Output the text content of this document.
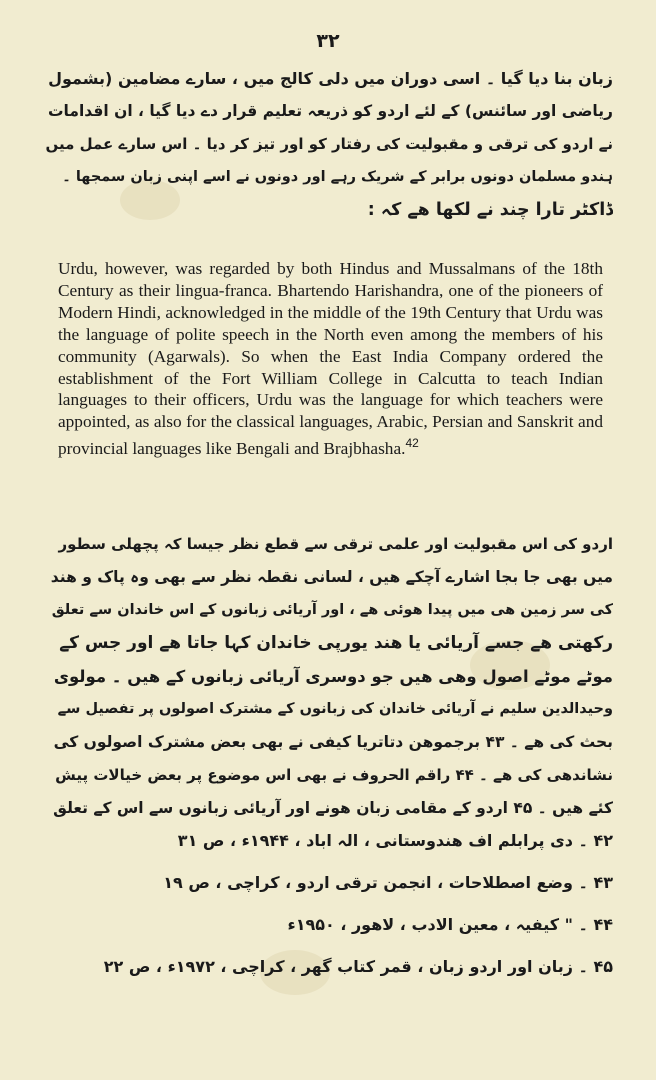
۳۲
زبان بنا دیا گیا ۔ اسی دوران میں دلی کالج میں ، سارے مضامین (بشمول
ریاضی اور سائنس) کے لئے اردو کو ذریعہ تعلیم قرار دے دیا گیا ، ان اقدامات
نے اردو کی ترقی و مقبولیت کی رفتار کو اور تیز کر دیا ۔ اس سارے عمل میں
ہندو مسلمان دونوں برابر کے شریک رہے اور دونوں نے اسے اپنی زبان سمجھا ۔
ڈاکٹر تارا چند نے لکھا ھے کہ :
Urdu, however, was regarded by both Hindus and Mussalmans of the 18th Century as their lingua-franca. Bhartendo Harishandra, one of the pioneers of Modern Hindi, acknowledged in the middle of the 19th Century that Urdu was the language of polite speech in the North even among the members of his community (Agarwals). So when the East India Company ordered the establishment of the Fort William College in Calcutta to teach Indian languages to their officers, Urdu was the language for which teachers were appointed, as also for the classical languages, Arabic, Persian and Sanskrit and provincial languages like Bengali and Brajbhasha.$^{42}$
اردو کی اس مقبولیت اور علمی ترقی سے قطع نظر جیسا کہ پچھلی سطور
میں بھی جا بجا اشارے آچکے ھیں ، لسانی نقطہ نظر سے بھی وہ پاک و ھند
کی سر زمین ھی میں پیدا ھوئی ھے ، اور آریائی زبانوں کے اس خاندان سے تعلق
رکھتی ھے جسے آریائی یا ھند یورپی خاندان کہا جاتا ھے اور جس کے
موٹے موٹے اصول وھی ھیں جو دوسری آریائی زبانوں کے ھیں ۔ مولوی
وحیدالدین سلیم نے آریائی خاندان کی زبانوں کے مشترک اصولوں پر تفصیل سے
بحث کی ھے ۔ ۴۳ برجموھن دتاتریا کیفی نے بھی بعض مشترک اصولوں کی
نشاندھی کی ھے ۔ ۴۴ راقم الحروف نے بھی اس موضوع پر بعض خیالات پیش
کئے ھیں ۔ ۴۵ اردو کے مقامی زبان ھونے اور آریائی زبانوں سے اس کے تعلق
۴۲ ۔ دی پرابلم اف ھندوستانی ، الہ اباد ، ۱۹۴۴ء ، ص ۳۱
۴۳ ۔ وضع اصطلاحات ، انجمن ترقی اردو ، کراچی ، ص ۱۹
۴۴ ۔ " کیفیہ ، معین الادب ، لاھور ، ۱۹۵۰ء
۴۵ ۔ زبان اور اردو زبان ، قمر کتاب گھر ، کراچی ، ۱۹۷۲ء ، ص ۲۲
